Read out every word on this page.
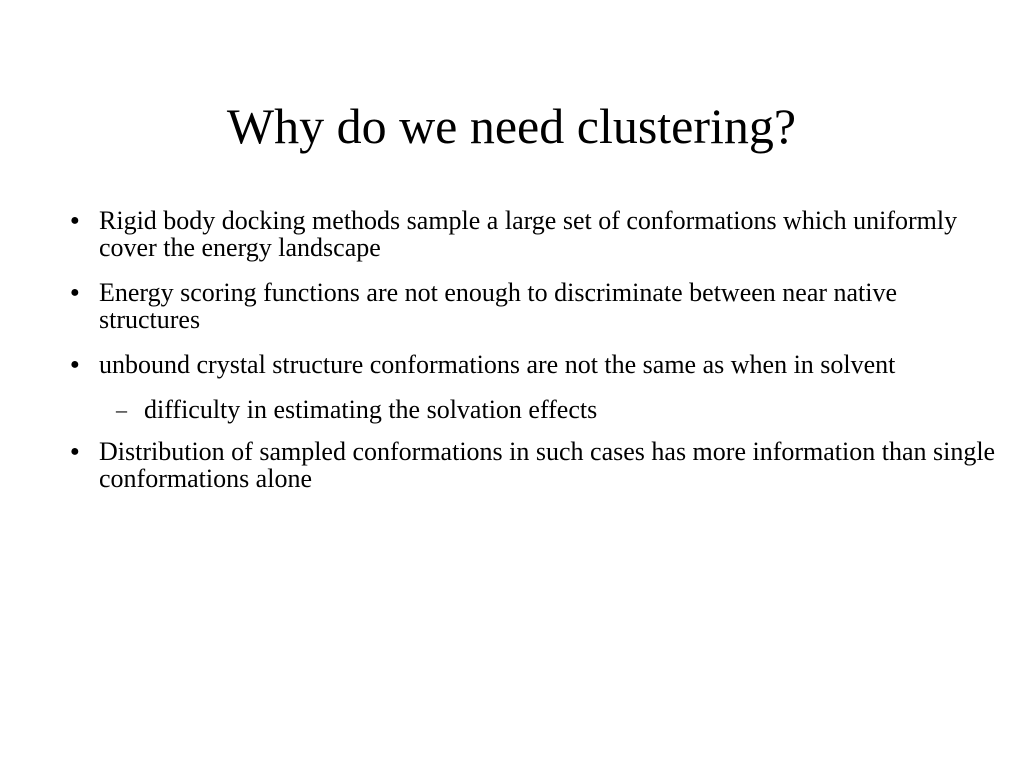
Why do we need clustering?
● Rigid body docking methods sample a large set of conformations which uniformly cover the energy landscape
● Energy scoring functions are not enough to discriminate between near native structures
● unbound crystal structure conformations are not the same as when in solvent
– difficulty in estimating the solvation effects
● Distribution of sampled conformations in such cases has more information than single conformations alone
